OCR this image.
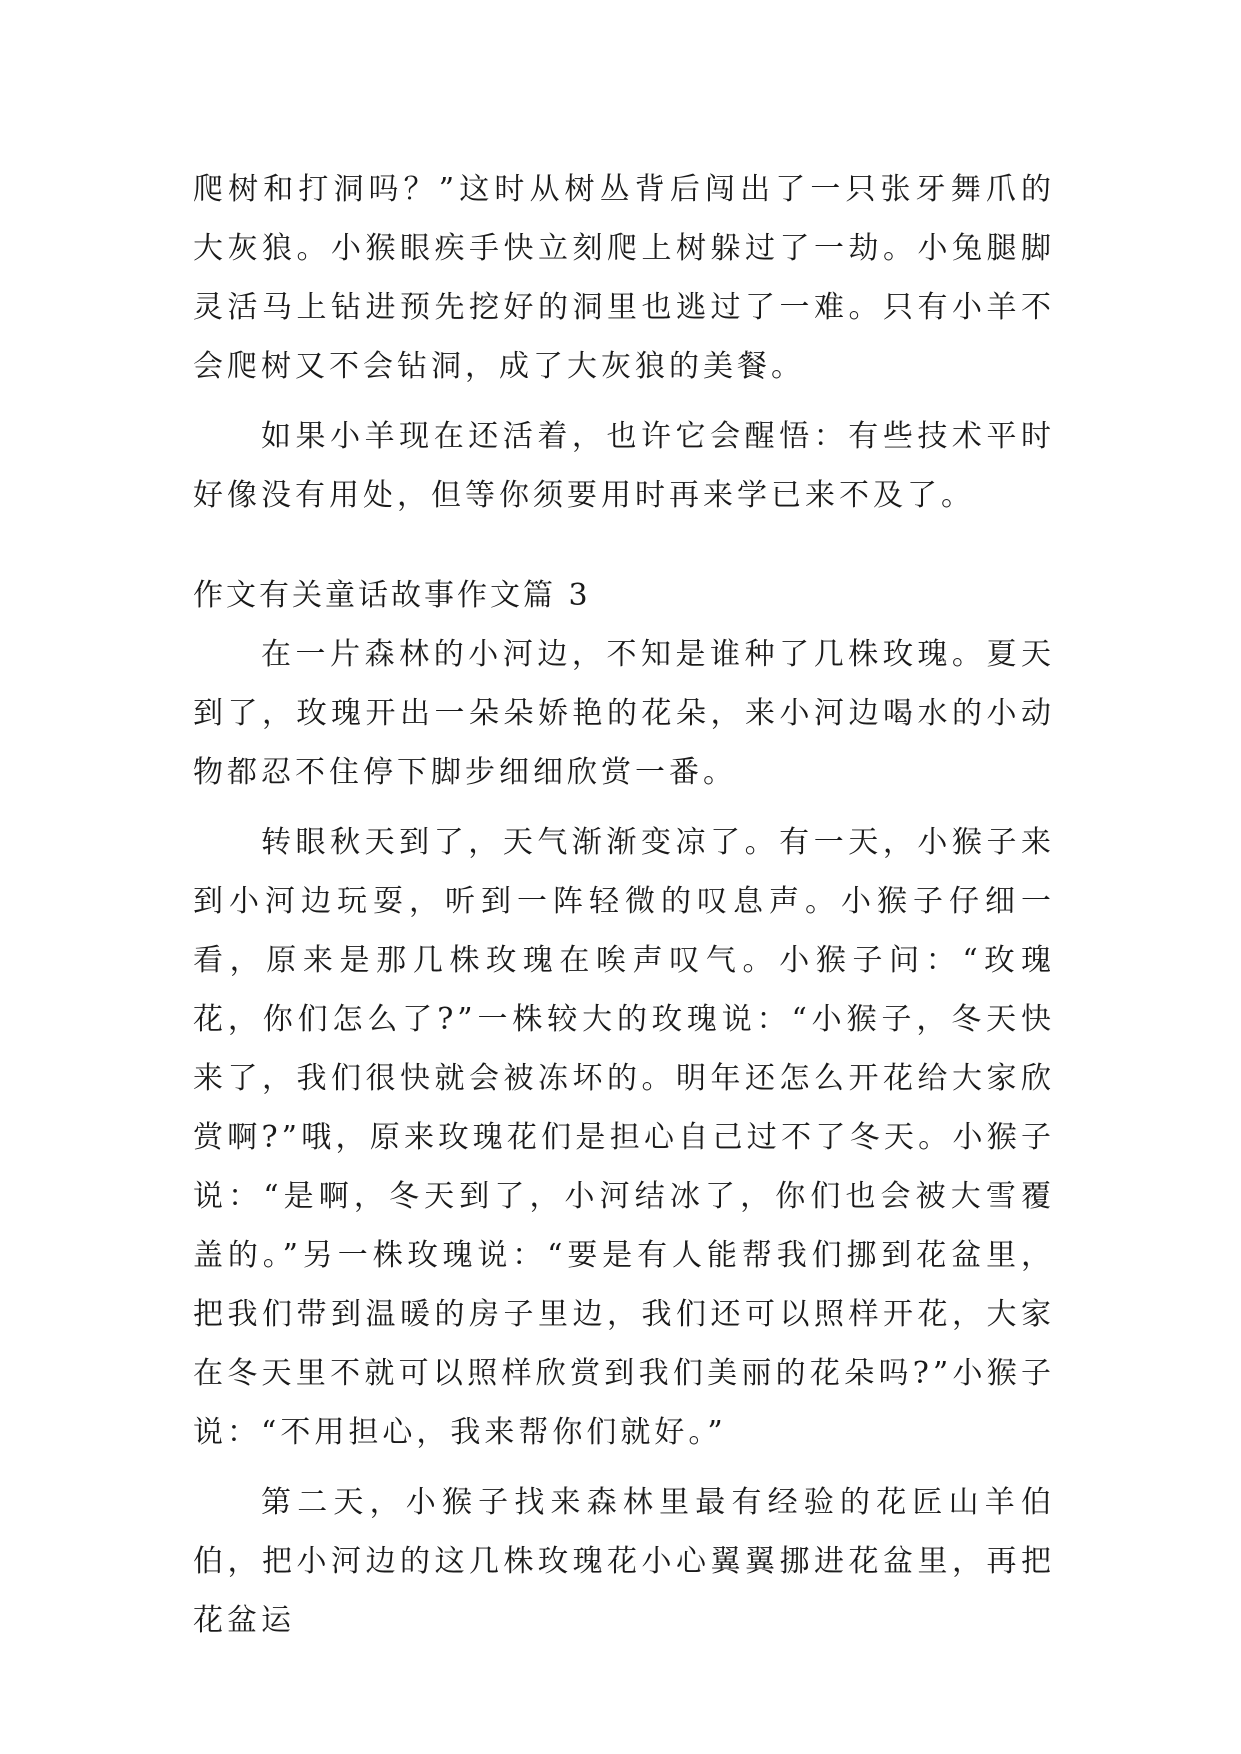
爬树和打洞吗？”这时从树丛背后闯出了一只张牙舞爪的大灰狼。小猴眼疾手快立刻爬上树躲过了一劫。小兔腿脚灵活马上钻进预先挖好的洞里也逃过了一难。只有小羊不会爬树又不会钻洞，成了大灰狼的美餐。

如果小羊现在还活着，也许它会醒悟：有些技术平时好像没有用处，但等你须要用时再来学已来不及了。

作文有关童话故事作文篇 3

在一片森林的小河边，不知是谁种了几株玫瑰。夏天到了，玫瑰开出一朵朵娇艳的花朵，来小河边喝水的小动物都忍不住停下脚步细细欣赏一番。

转眼秋天到了，天气渐渐变凉了。有一天，小猴子来到小河边玩耍，听到一阵轻微的叹息声。小猴子仔细一看，原来是那几株玫瑰在唉声叹气。小猴子问：“玫瑰花，你们怎么了?”一株较大的玫瑰说：“小猴子，冬天快来了，我们很快就会被冻坏的。明年还怎么开花给大家欣赏啊?”哦，原来玫瑰花们是担心自己过不了冬天。小猴子说：“是啊，冬天到了，小河结冰了，你们也会被大雪覆盖的。”另一株玫瑰说：“要是有人能帮我们挪到花盆里，把我们带到温暖的房子里边，我们还可以照样开花，大家在冬天里不就可以照样欣赏到我们美丽的花朵吗?”小猴子说：“不用担心，我来帮你们就好。”

第二天，小猴子找来森林里最有经验的花匠山羊伯伯，把小河边的这几株玫瑰花小心翼翼挪进花盆里，再把花盆运
